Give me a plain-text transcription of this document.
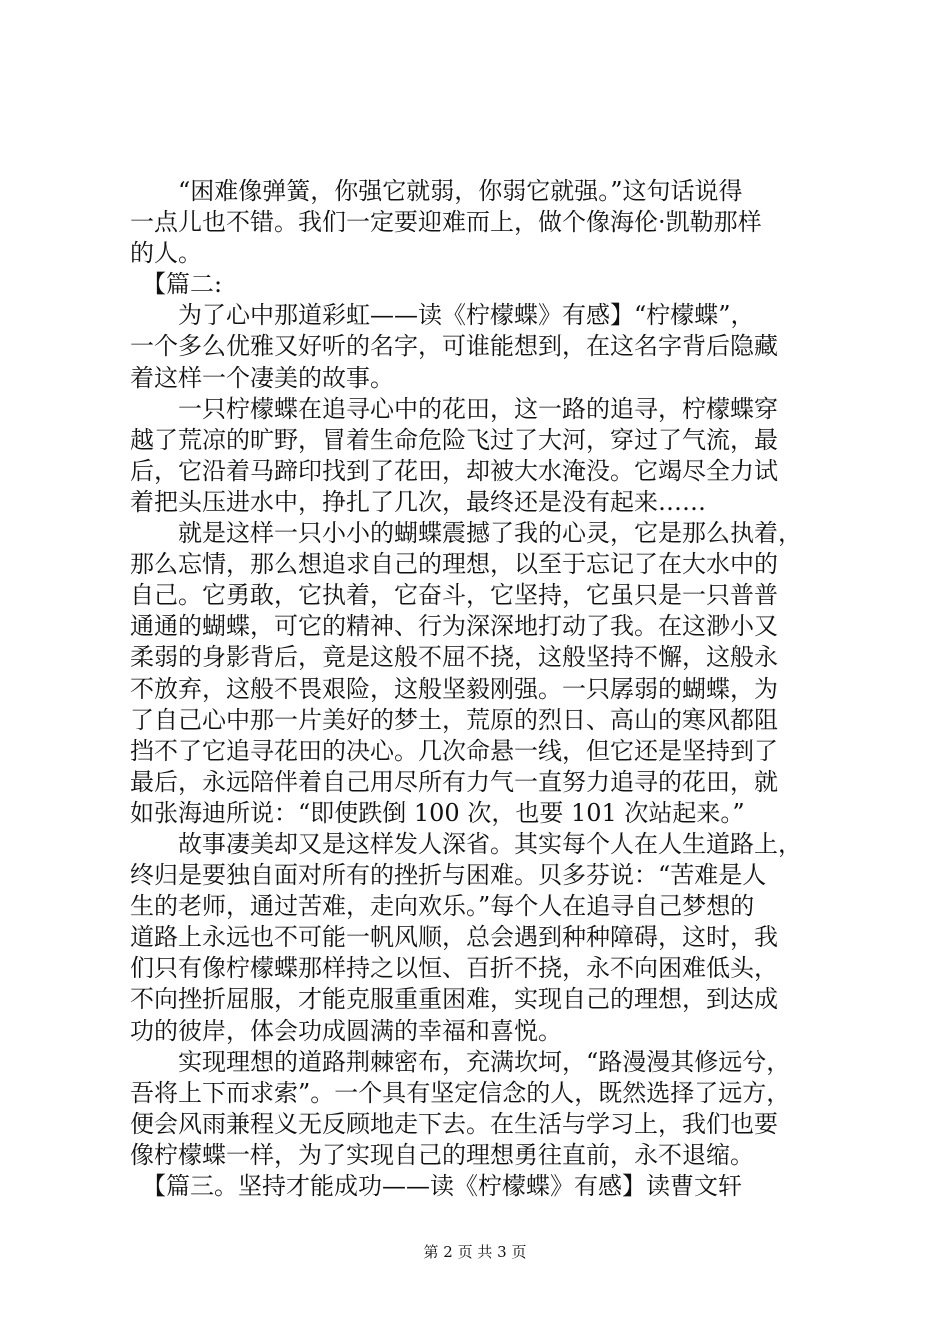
　　“困难像弹簧，你强它就弱，你弱它就强。”这句话说得
一点儿也不错。我们一定要迎难而上，做个像海伦·凯勒那样
的人。
　【篇二:
　　为了心中那道彩虹——读《柠檬蝶》有感】“柠檬蝶”，
一个多么优雅又好听的名字，可谁能想到，在这名字背后隐藏
着这样一个凄美的故事。
　　一只柠檬蝶在追寻心中的花田，这一路的追寻，柠檬蝶穿
越了荒凉的旷野，冒着生命危险飞过了大河，穿过了气流，最
后，它沿着马蹄印找到了花田，却被大水淹没。它竭尽全力试
着把头压进水中，挣扎了几次，最终还是没有起来……
　　就是这样一只小小的蝴蝶震撼了我的心灵，它是那么执着，
那么忘情，那么想追求自己的理想，以至于忘记了在大水中的
自己。它勇敢，它执着，它奋斗，它坚持，它虽只是一只普普
通通的蝴蝶，可它的精神、行为深深地打动了我。在这渺小又
柔弱的身影背后，竟是这般不屈不挠，这般坚持不懈，这般永
不放弃，这般不畏艰险，这般坚毅刚强。一只孱弱的蝴蝶，为
了自己心中那一片美好的梦土，荒原的烈日、高山的寒风都阻
挡不了它追寻花田的决心。几次命悬一线，但它还是坚持到了
最后，永远陪伴着自己用尽所有力气一直努力追寻的花田，就
如张海迪所说：“即使跌倒 100 次，也要 101 次站起来。”
　　故事凄美却又是这样发人深省。其实每个人在人生道路上，
终归是要独自面对所有的挫折与困难。贝多芬说：“苦难是人
生的老师，通过苦难，走向欢乐。”每个人在追寻自己梦想的
道路上永远也不可能一帆风顺，总会遇到种种障碍，这时，我
们只有像柠檬蝶那样持之以恒、百折不挠，永不向困难低头，
不向挫折屈服，才能克服重重困难，实现自己的理想，到达成
功的彼岸，体会功成圆满的幸福和喜悦。
　　实现理想的道路荆棘密布，充满坎坷，“路漫漫其修远兮，
吾将上下而求索”。一个具有坚定信念的人，既然选择了远方，
便会风雨兼程义无反顾地走下去。在生活与学习上，我们也要
像柠檬蝶一样，为了实现自己的理想勇往直前，永不退缩。
　【篇三。坚持才能成功——读《柠檬蝶》有感】读曹文轩
第 2 页 共 3 页
